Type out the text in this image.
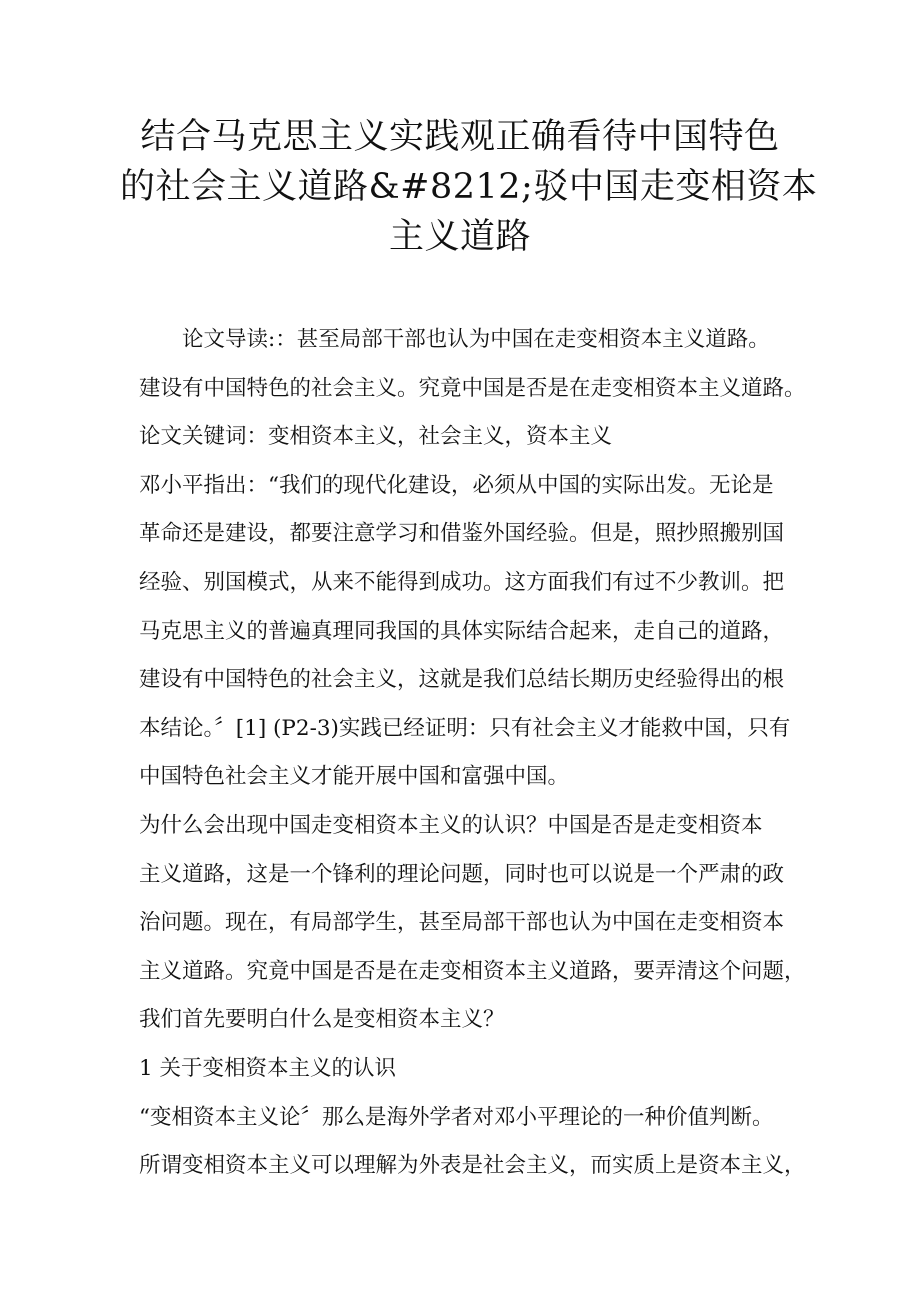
结合马克思主义实践观正确看待中国特色
的社会主义道路&#8212;驳中国走变相资本
主义道路

论文导读:：甚至局部干部也认为中国在走变相资本主义道路。

建设有中国特色的社会主义。究竟中国是否是在走变相资本主义道路。

论文关键词：变相资本主义，社会主义，资本主义

邓小平指出：“我们的现代化建设，必须从中国的实际出发。无论是

革命还是建设，都要注意学习和借鉴外国经验。但是，照抄照搬别国

经验、别国模式，从来不能得到成功。这方面我们有过不少教训。把

马克思主义的普遍真理同我国的具体实际结合起来，走自己的道路，

建设有中国特色的社会主义，这就是我们总结长期历史经验得出的根

本结论。〞[1] (P2-3)实践已经证明：只有社会主义才能救中国，只有

中国特色社会主义才能开展中国和富强中国。

为什么会出现中国走变相资本主义的认识？中国是否是走变相资本

主义道路，这是一个锋利的理论问题，同时也可以说是一个严肃的政

治问题。现在，有局部学生，甚至局部干部也认为中国在走变相资本

主义道路。究竟中国是否是在走变相资本主义道路，要弄清这个问题，

我们首先要明白什么是变相资本主义？

1 关于变相资本主义的认识

“变相资本主义论〞那么是海外学者对邓小平理论的一种价值判断。

所谓变相资本主义可以理解为外表是社会主义，而实质上是资本主义，
